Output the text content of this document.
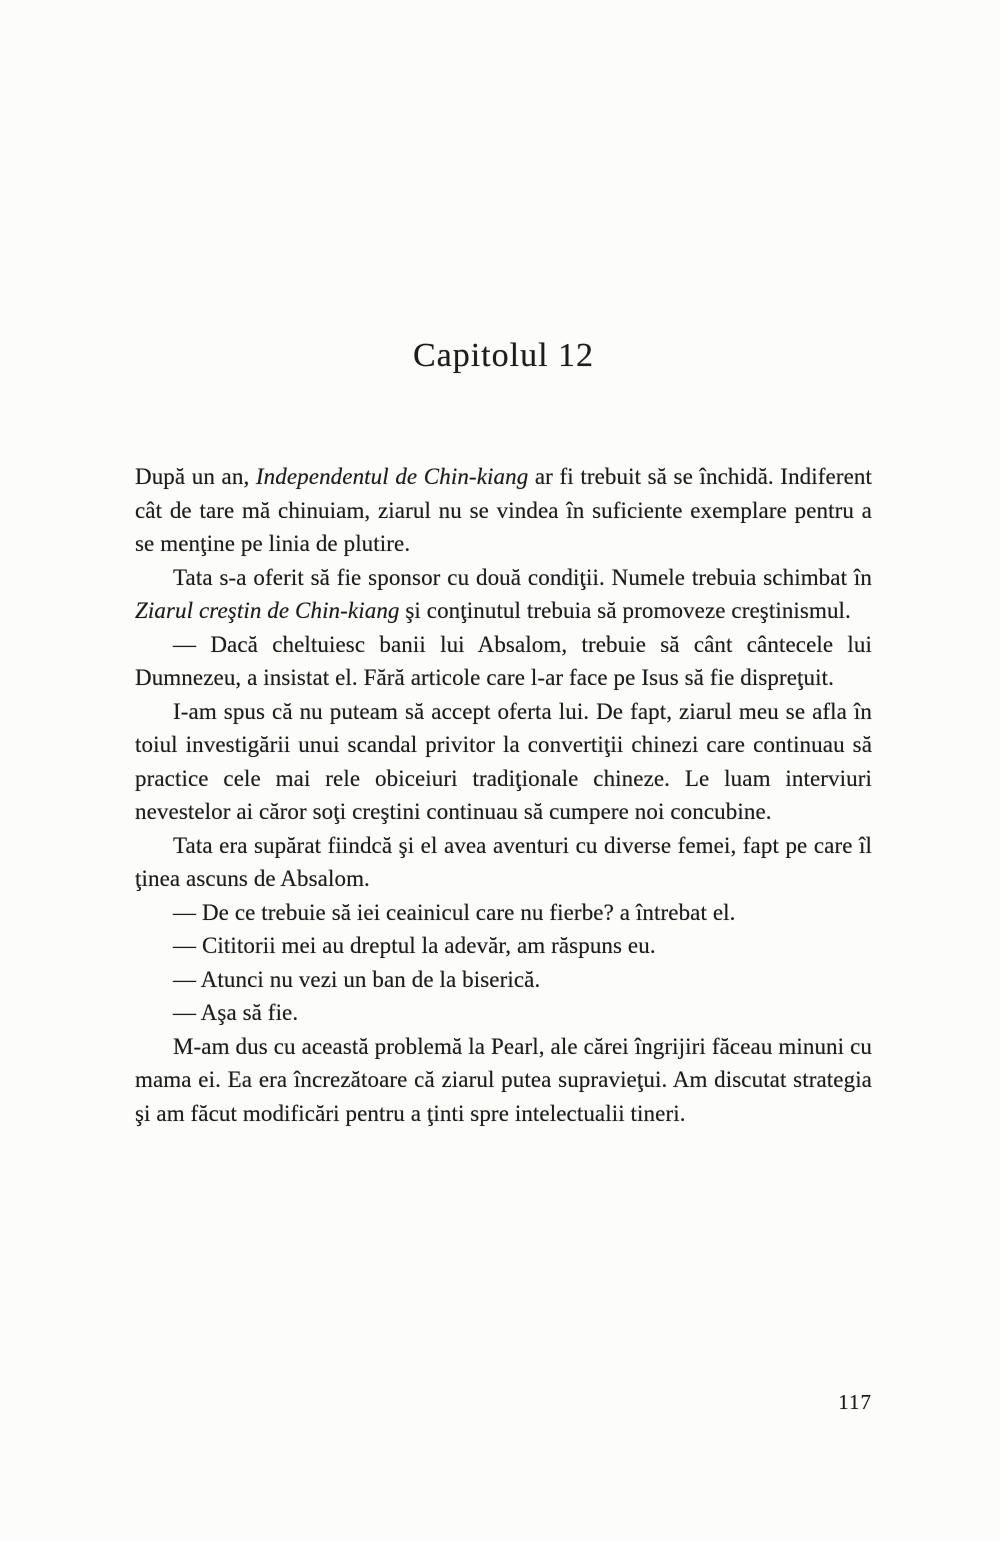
Capitolul 12

După un an, Independentul de Chin-kiang ar fi trebuit să se închidă. Indiferent cât de tare mă chinuiam, ziarul nu se vindea în suficiente exemplare pentru a se menţine pe linia de plutire.

Tata s-a oferit să fie sponsor cu două condiţii. Numele trebuia schimbat în Ziarul creştin de Chin-kiang şi conţinutul trebuia să promoveze creştinismul.

— Dacă cheltuiesc banii lui Absalom, trebuie să cânt cântecele lui Dumnezeu, a insistat el. Fără articole care l-ar face pe Isus să fie dispreţuit.

I-am spus că nu puteam să accept oferta lui. De fapt, ziarul meu se afla în toiul investigării unui scandal privitor la convertiţii chinezi care continuau să practice cele mai rele obiceiuri tradiţionale chineze. Le luam interviuri nevestelor ai căror soţi creştini continuau să cumpere noi concubine.

Tata era supărat fiindcă şi el avea aventuri cu diverse femei, fapt pe care îl ţinea ascuns de Absalom.

— De ce trebuie să iei ceainicul care nu fierbe? a întrebat el.

— Cititorii mei au dreptul la adevăr, am răspuns eu.

— Atunci nu vezi un ban de la biserică.

— Aşa să fie.

M-am dus cu această problemă la Pearl, ale cărei îngrijiri făceau minuni cu mama ei. Ea era încrezătoare că ziarul putea supravieţui. Am discutat strategia şi am făcut modificări pentru a ţinti spre intelectualii tineri.

117
